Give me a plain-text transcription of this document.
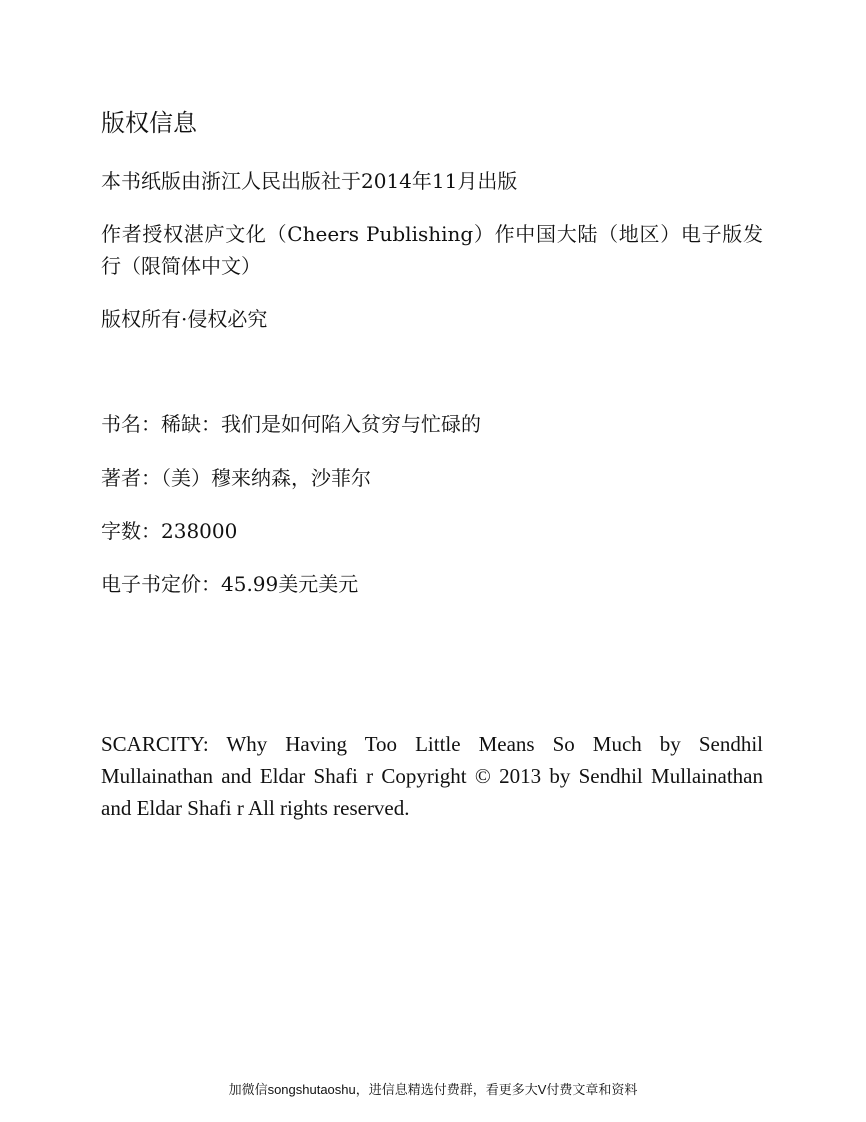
版权信息

本书纸版由浙江人民出版社于2014年11月出版

作者授权湛庐文化（Cheers Publishing）作中国大陆（地区）电子版发行（限简体中文）

版权所有·侵权必究

书名：稀缺：我们是如何陷入贫穷与忙碌的

著者：（美）穆来纳森，沙菲尔

字数：238000

电子书定价：45.99美元美元

SCARCITY: Why Having Too Little Means So Much by Sendhil Mullainathan and Eldar Shafi r Copyright © 2013 by Sendhil Mullainathan and Eldar Shafi r All rights reserved.

加微信songshutaoshu，进信息精选付费群，看更多大V付费文章和资料
